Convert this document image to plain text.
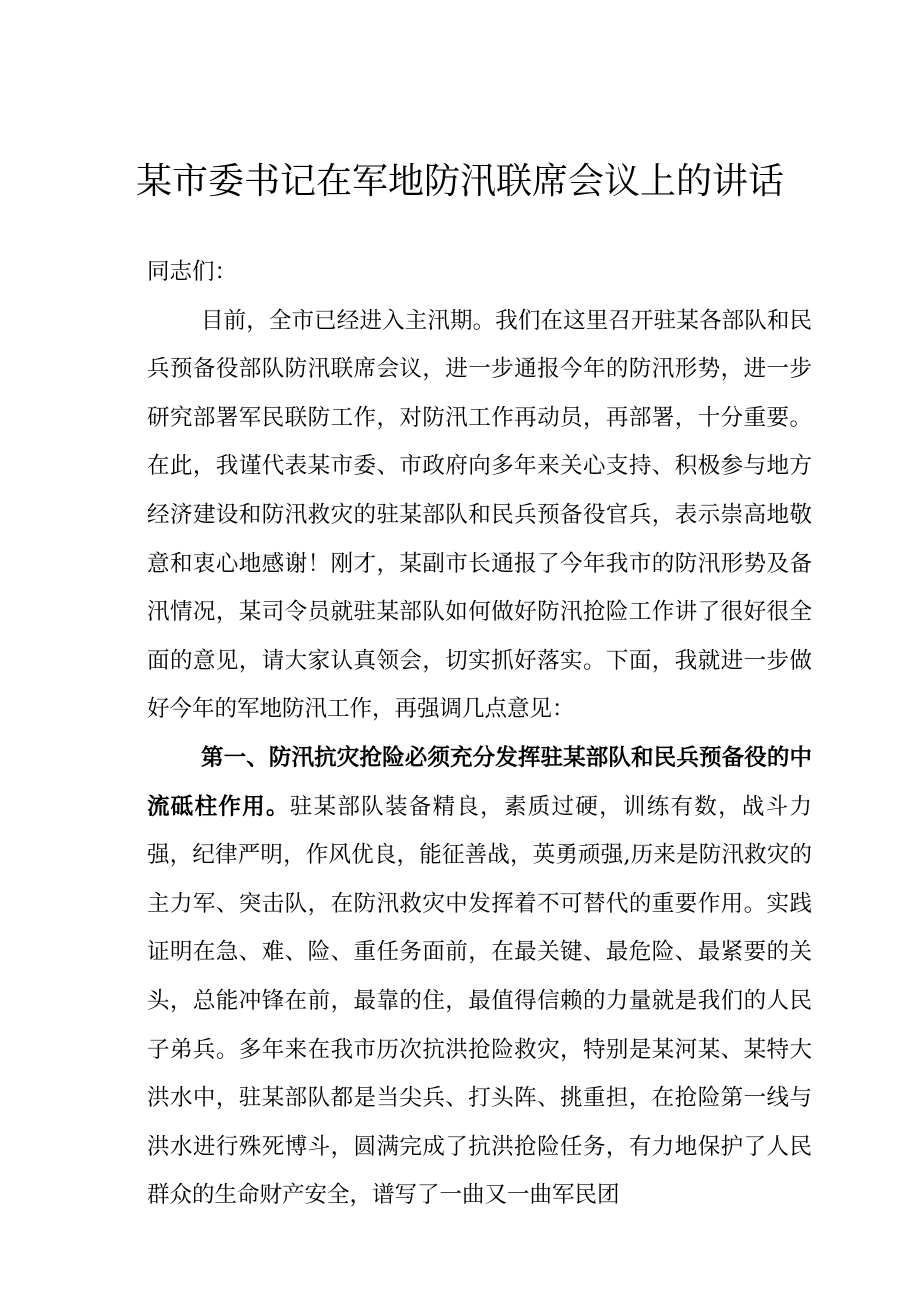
某市委书记在军地防汛联席会议上的讲话

同志们：

目前，全市已经进入主汛期。我们在这里召开驻某各部队和民兵预备役部队防汛联席会议，进一步通报今年的防汛形势，进一步研究部署军民联防工作，对防汛工作再动员，再部署，十分重要。在此，我谨代表某市委、市政府向多年来关心支持、积极参与地方经济建设和防汛救灾的驻某部队和民兵预备役官兵，表示崇高地敬意和衷心地感谢！刚才，某副市长通报了今年我市的防汛形势及备汛情况，某司令员就驻某部队如何做好防汛抢险工作讲了很好很全面的意见，请大家认真领会，切实抓好落实。下面，我就进一步做好今年的军地防汛工作，再强调几点意见：

第一、防汛抗灾抢险必须充分发挥驻某部队和民兵预备役的中流砥柱作用。驻某部队装备精良，素质过硬，训练有数，战斗力强，纪律严明，作风优良，能征善战，英勇顽强,历来是防汛救灾的主力军、突击队，在防汛救灾中发挥着不可替代的重要作用。实践证明在急、难、险、重任务面前，在最关键、最危险、最紧要的关头，总能冲锋在前，最靠的住，最值得信赖的力量就是我们的人民子弟兵。多年来在我市历次抗洪抢险救灾，特别是某河某、某特大洪水中，驻某部队都是当尖兵、打头阵、挑重担，在抢险第一线与洪水进行殊死博斗，圆满完成了抗洪抢险任务，有力地保护了人民群众的生命财产安全，谱写了一曲又一曲军民团
